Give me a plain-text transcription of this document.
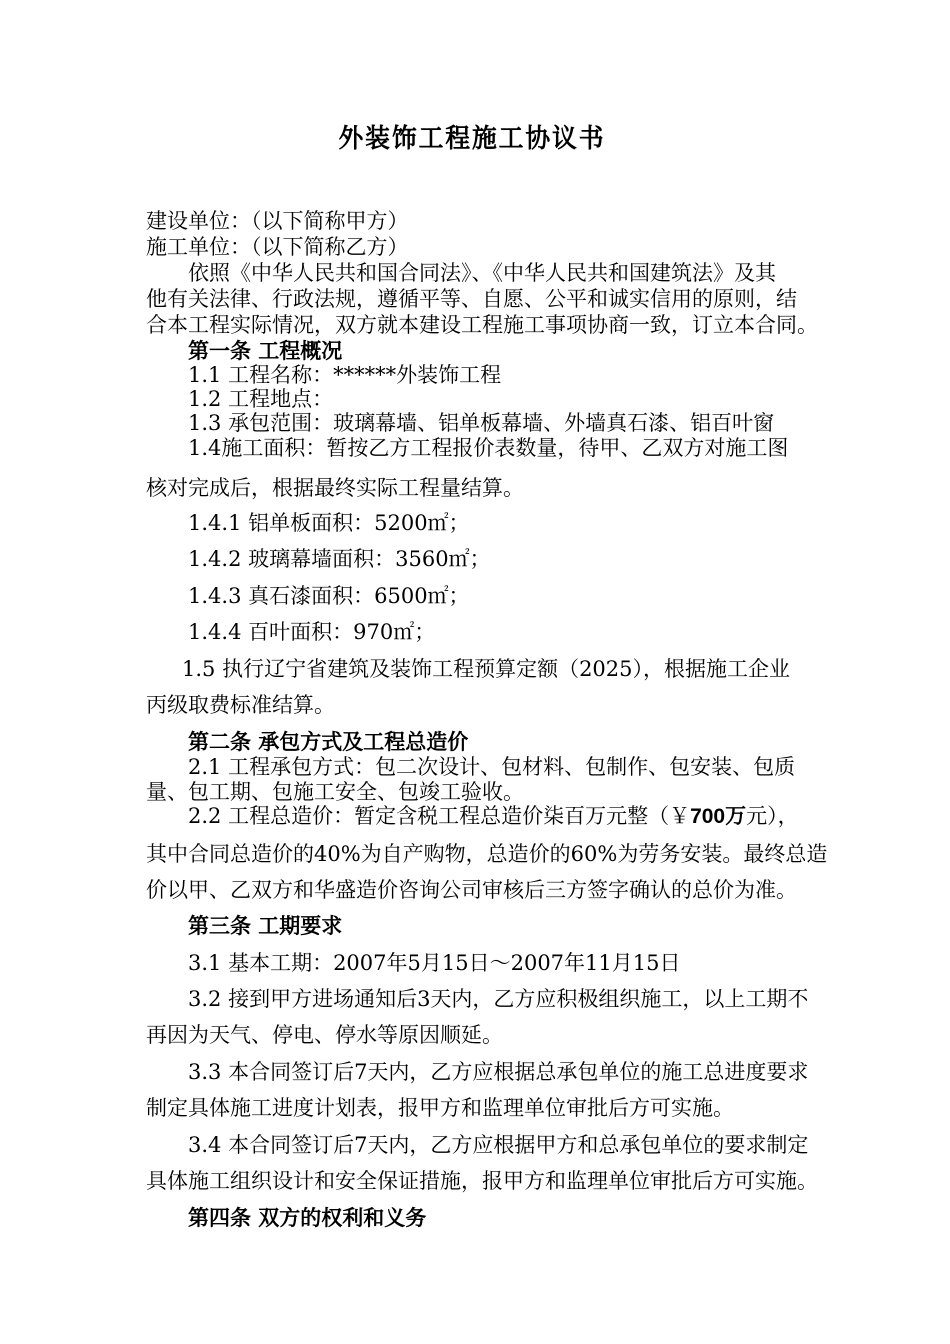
外装饰工程施工协议书
建设单位：（以下简称甲方）
施工单位：（以下简称乙方）
依照《中华人民共和国合同法》、《中华人民共和国建筑法》及其
他有关法律、行政法规，遵循平等、自愿、公平和诚实信用的原则，结
合本工程实际情况，双方就本建设工程施工事项协商一致，订立本合同。
第一条 工程概况
1.1 工程名称：******外装饰工程
1.2 工程地点：
1.3 承包范围：玻璃幕墙、铝单板幕墙、外墙真石漆、铝百叶窗
1.4施工面积：暂按乙方工程报价表数量，待甲、乙双方对施工图
核对完成后，根据最终实际工程量结算。
1.4.1 铝单板面积：5200㎡；
1.4.2 玻璃幕墙面积：3560㎡；
1.4.3 真石漆面积：6500㎡；
1.4.4 百叶面积：970㎡；
1.5 执行辽宁省建筑及装饰工程预算定额（2025），根据施工企业
丙级取费标准结算。
第二条 承包方式及工程总造价
2.1 工程承包方式：包二次设计、包材料、包制作、包安装、包质
量、包工期、包施工安全、包竣工验收。
2.2 工程总造价：暂定含税工程总造价柒百万元整（￥700万元），
其中合同总造价的40%为自产购物，总造价的60%为劳务安装。最终总造
价以甲、乙双方和华盛造价咨询公司审核后三方签字确认的总价为准。
第三条 工期要求
3.1 基本工期：2007年5月15日～2007年11月15日
3.2 接到甲方进场通知后3天内，乙方应积极组织施工，以上工期不
再因为天气、停电、停水等原因顺延。
3.3 本合同签订后7天内，乙方应根据总承包单位的施工总进度要求
制定具体施工进度计划表，报甲方和监理单位审批后方可实施。
3.4 本合同签订后7天内，乙方应根据甲方和总承包单位的要求制定
具体施工组织设计和安全保证措施，报甲方和监理单位审批后方可实施。
第四条 双方的权利和义务
